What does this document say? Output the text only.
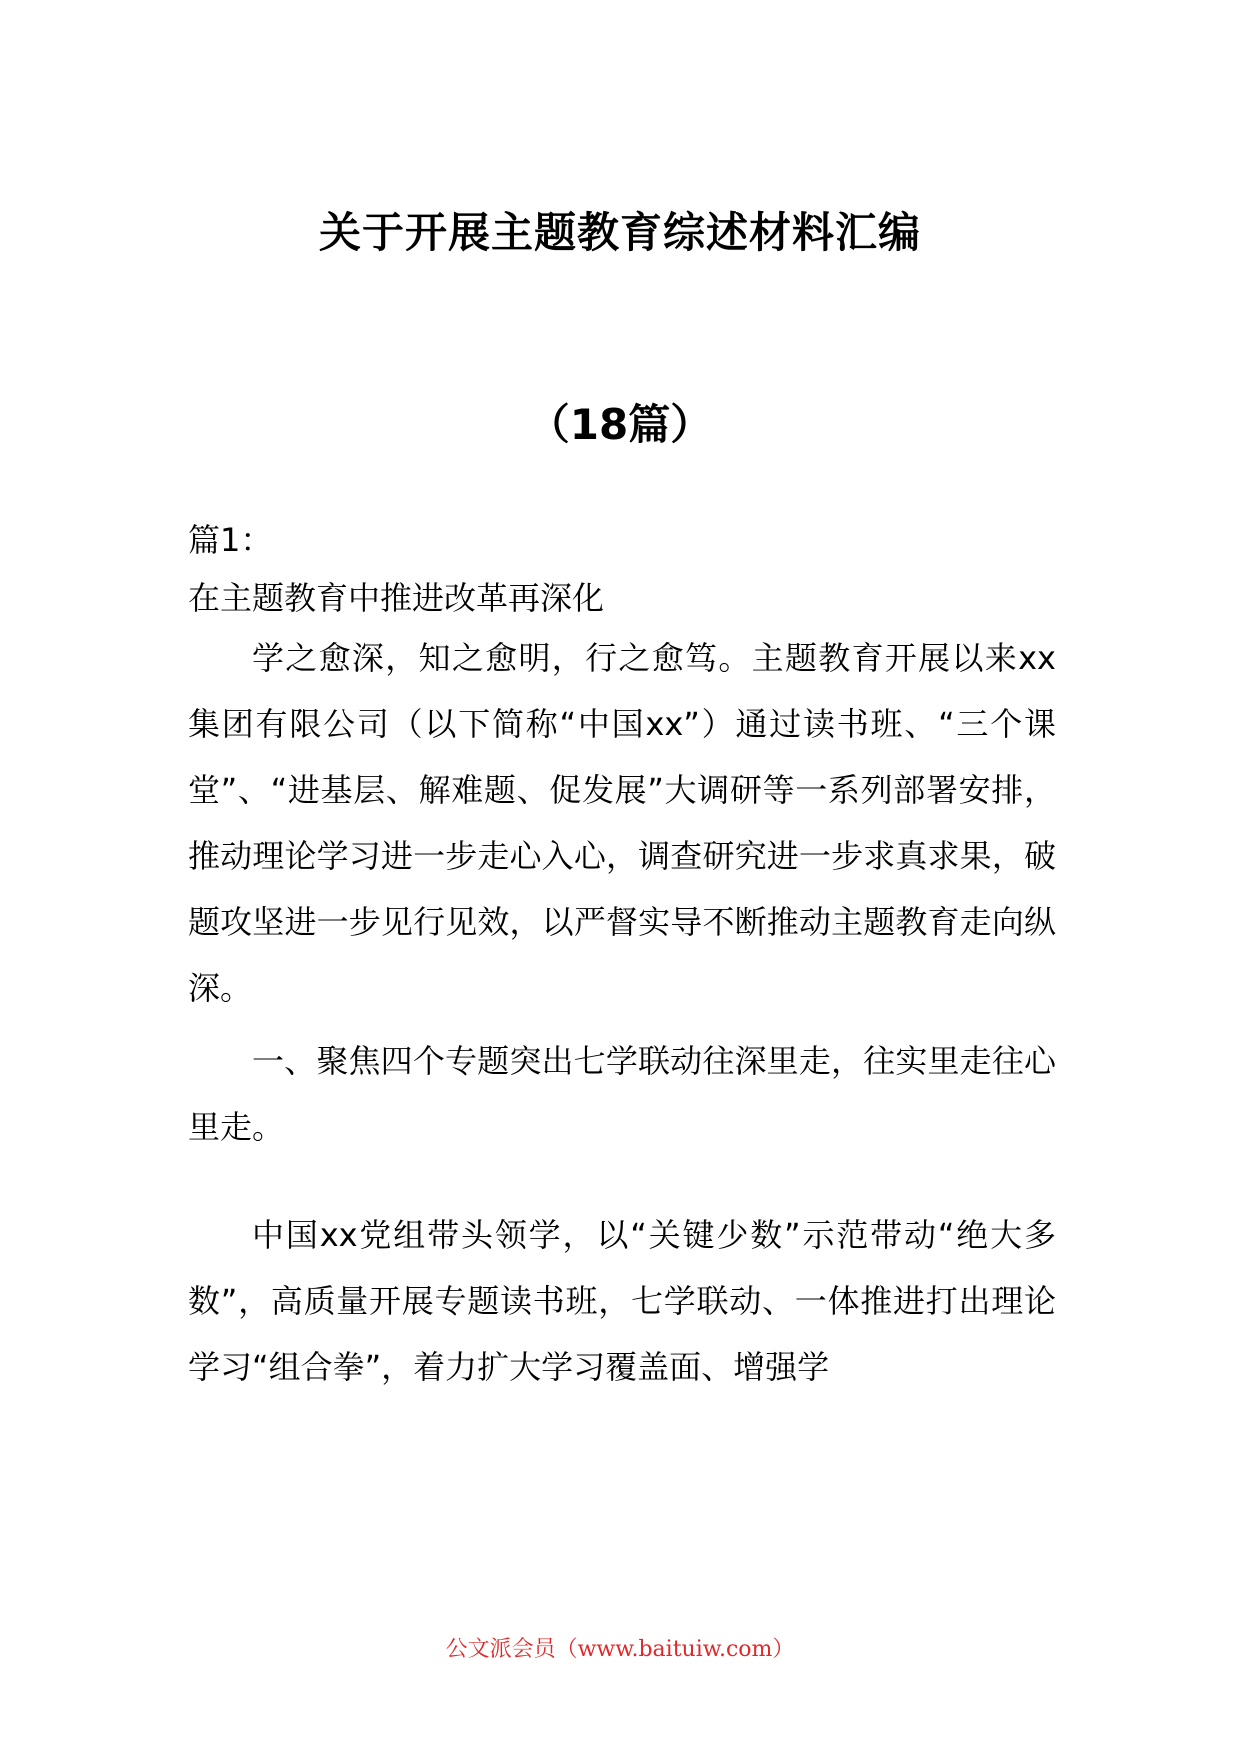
关于开展主题教育综述材料汇编
（18篇）
篇1：
在主题教育中推进改革再深化

学之愈深，知之愈明，行之愈笃。主题教育开展以来xx集团有限公司（以下简称“中国xx”）通过读书班、“三个课堂”、“进基层、解难题、促发展”大调研等一系列部署安排，推动理论学习进一步走心入心，调查研究进一步求真求果，破题攻坚进一步见行见效，以严督实导不断推动主题教育走向纵深。

一、聚焦四个专题突出七学联动往深里走，往实里走往心里走。

中国xx党组带头领学，以“关键少数”示范带动“绝大多数”，高质量开展专题读书班，七学联动、一体推进打出理论学习“组合拳”，着力扩大学习覆盖面、增强学

公文派会员（www.baituiw.com）
